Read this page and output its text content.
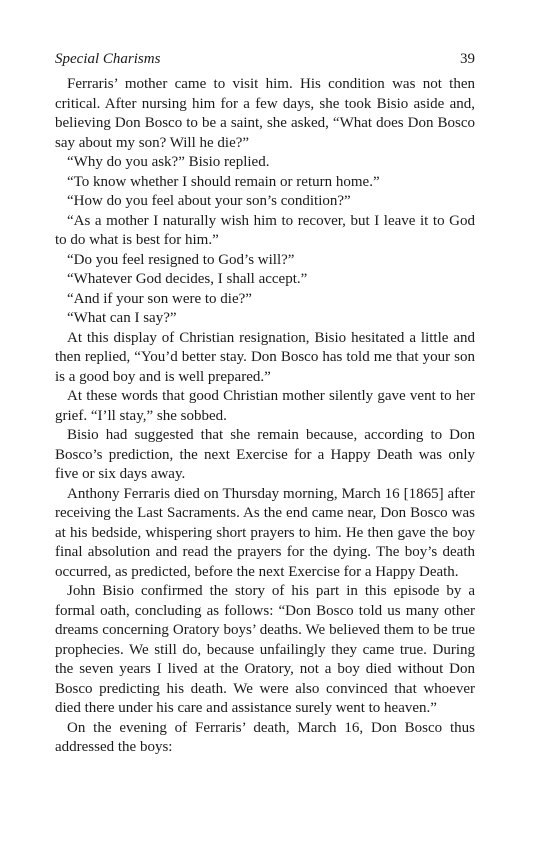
Special Charisms	39

Ferraris’ mother came to visit him. His condition was not then critical. After nursing him for a few days, she took Bisio aside and, believing Don Bosco to be a saint, she asked, “What does Don Bosco say about my son? Will he die?”

“Why do you ask?” Bisio replied.

“To know whether I should remain or return home.”

“How do you feel about your son’s condition?”

“As a mother I naturally wish him to recover, but I leave it to God to do what is best for him.”

“Do you feel resigned to God’s will?”

“Whatever God decides, I shall accept.”

“And if your son were to die?”

“What can I say?”

At this display of Christian resignation, Bisio hesitated a little and then replied, “You’d better stay. Don Bosco has told me that your son is a good boy and is well prepared.”

At these words that good Christian mother silently gave vent to her grief. “I’ll stay,” she sobbed.

Bisio had suggested that she remain because, according to Don Bosco’s prediction, the next Exercise for a Happy Death was only five or six days away.

Anthony Ferraris died on Thursday morning, March 16 [1865] after receiving the Last Sacraments. As the end came near, Don Bosco was at his bedside, whispering short prayers to him. He then gave the boy final absolution and read the prayers for the dying. The boy’s death occurred, as predicted, before the next Exercise for a Happy Death.

John Bisio confirmed the story of his part in this episode by a formal oath, concluding as follows: “Don Bosco told us many other dreams concerning Oratory boys’ deaths. We believed them to be true prophecies. We still do, because unfailingly they came true. During the seven years I lived at the Oratory, not a boy died without Don Bosco predicting his death. We were also convinced that whoever died there under his care and assistance surely went to heaven.”

On the evening of Ferraris’ death, March 16, Don Bosco thus addressed the boys:
